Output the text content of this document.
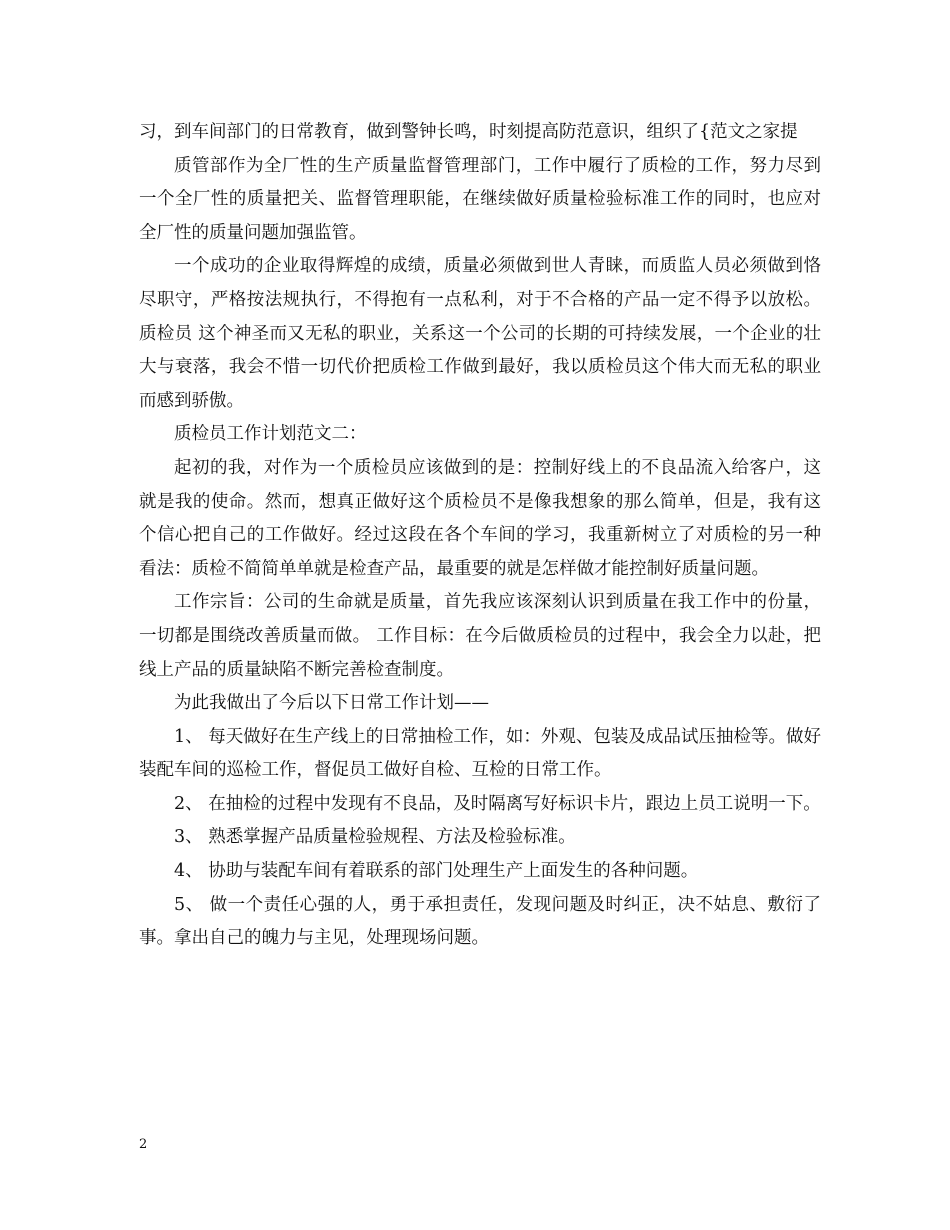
习，到车间部门的日常教育，做到警钟长鸣，时刻提高防范意识，组织了{范文之家提

质管部作为全厂性的生产质量监督管理部门，工作中履行了质检的工作，努力尽到一个全厂性的质量把关、监督管理职能，在继续做好质量检验标准工作的同时，也应对全厂性的质量问题加强监管。

一个成功的企业取得辉煌的成绩，质量必须做到世人青睐，而质监人员必须做到恪尽职守，严格按法规执行，不得抱有一点私利，对于不合格的产品一定不得予以放松。质检员 这个神圣而又无私的职业，关系这一个公司的长期的可持续发展，一个企业的壮大与衰落，我会不惜一切代价把质检工作做到最好，我以质检员这个伟大而无私的职业而感到骄傲。

质检员工作计划范文二：

起初的我，对作为一个质检员应该做到的是：控制好线上的不良品流入给客户，这就是我的使命。然而，想真正做好这个质检员不是像我想象的那么简单，但是，我有这个信心把自己的工作做好。经过这段在各个车间的学习，我重新树立了对质检的另一种看法：质检不简简单单就是检查产品，最重要的就是怎样做才能控制好质量问题。

工作宗旨：公司的生命就是质量，首先我应该深刻认识到质量在我工作中的份量，一切都是围绕改善质量而做。 工作目标：在今后做质检员的过程中，我会全力以赴，把线上产品的质量缺陷不断完善检查制度。

为此我做出了今后以下日常工作计划——

1、 每天做好在生产线上的日常抽检工作，如：外观、包装及成品试压抽检等。做好装配车间的巡检工作，督促员工做好自检、互检的日常工作。

2、 在抽检的过程中发现有不良品，及时隔离写好标识卡片，跟边上员工说明一下。

3、 熟悉掌握产品质量检验规程、方法及检验标准。

4、 协助与装配车间有着联系的部门处理生产上面发生的各种问题。

5、 做一个责任心强的人，勇于承担责任，发现问题及时纠正，决不姑息、敷衍了事。拿出自己的魄力与主见，处理现场问题。

2
